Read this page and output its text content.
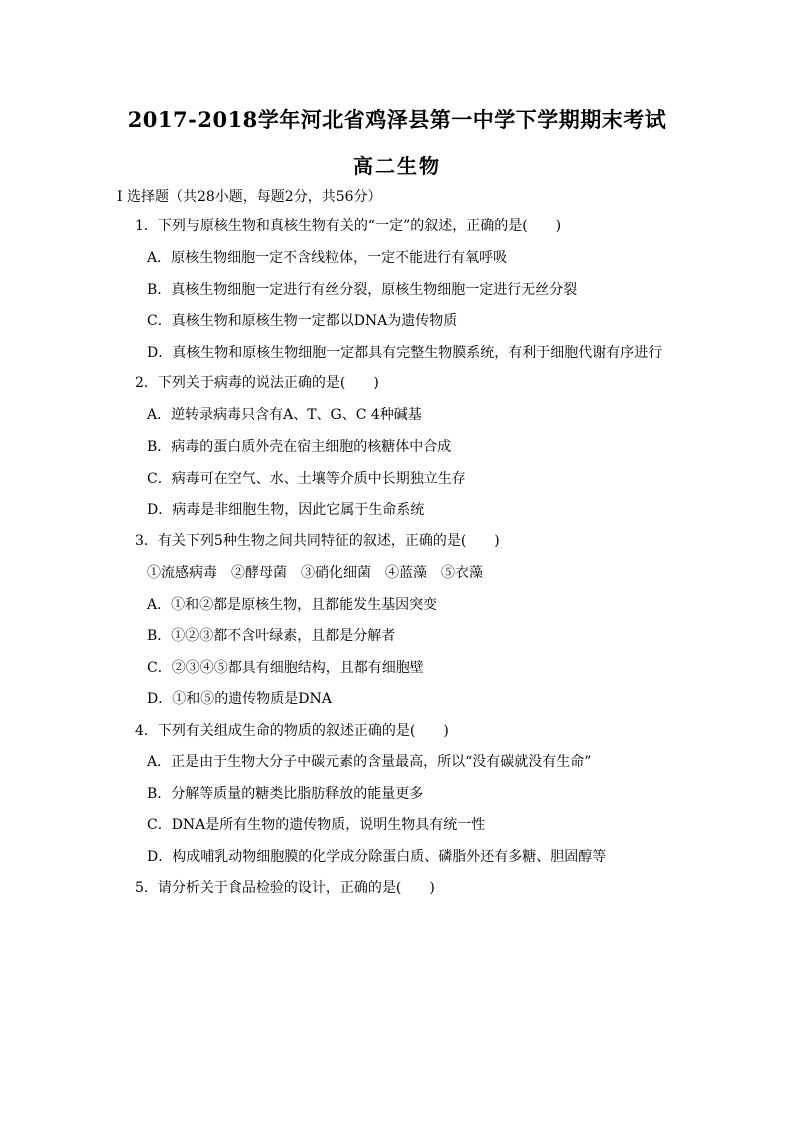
2017-2018学年河北省鸡泽县第一中学下学期期末考试
高二生物
Ⅰ 选择题（共28小题，每题2分，共56分）
1．下列与原核生物和真核生物有关的“一定”的叙述，正确的是(　　)
A．原核生物细胞一定不含线粒体，一定不能进行有氧呼吸
B．真核生物细胞一定进行有丝分裂，原核生物细胞一定进行无丝分裂
C．真核生物和原核生物一定都以DNA为遗传物质
D．真核生物和原核生物细胞一定都具有完整生物膜系统，有利于细胞代谢有序进行
2．下列关于病毒的说法正确的是(　　)
A．逆转录病毒只含有A、T、G、C 4种碱基
B．病毒的蛋白质外壳在宿主细胞的核糖体中合成
C．病毒可在空气、水、土壤等介质中长期独立生存
D．病毒是非细胞生物，因此它属于生命系统
3．有关下列5种生物之间共同特征的叙述，正确的是(　　)
①流感病毒　②酵母菌　③硝化细菌　④蓝藻　⑤衣藻
A．①和②都是原核生物，且都能发生基因突变
B．①②③都不含叶绿素，且都是分解者
C．②③④⑤都具有细胞结构，且都有细胞壁
D．①和⑤的遗传物质是DNA
4．下列有关组成生命的物质的叙述正确的是(　　)
A．正是由于生物大分子中碳元素的含量最高，所以“没有碳就没有生命”
B．分解等质量的糖类比脂肪释放的能量更多
C．DNA是所有生物的遗传物质，说明生物具有统一性
D．构成哺乳动物细胞膜的化学成分除蛋白质、磷脂外还有多糖、胆固醇等
5．请分析关于食品检验的设计，正确的是(　　)
